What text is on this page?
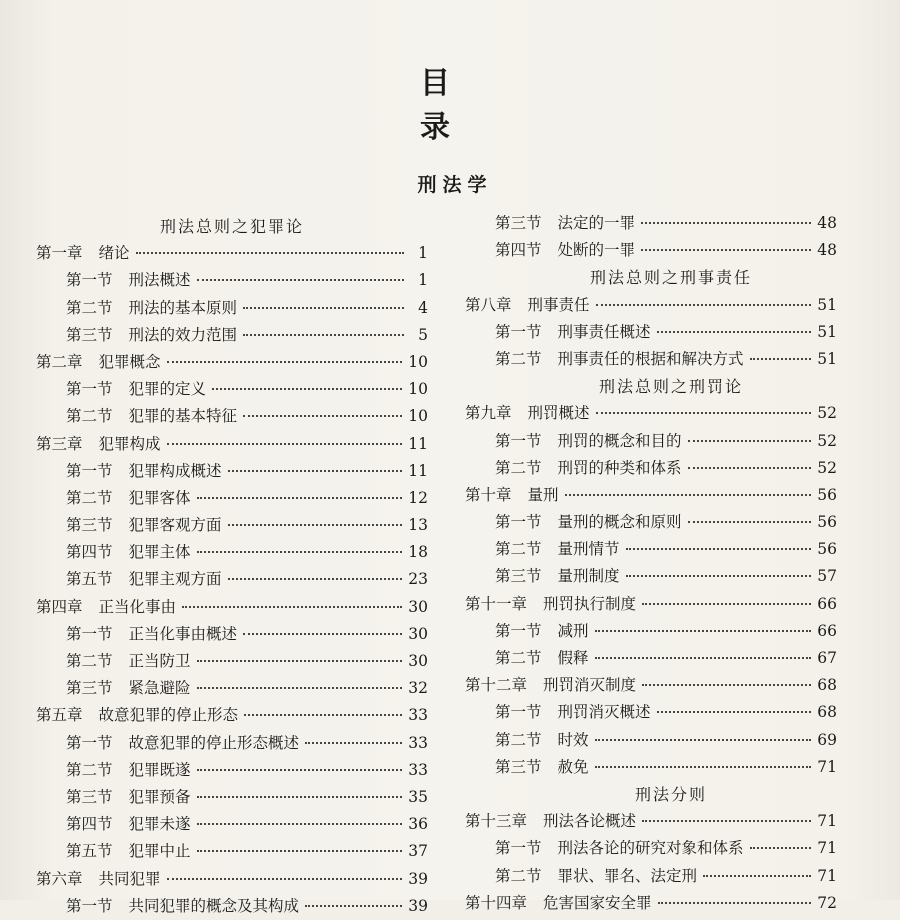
目 录
刑法学
刑法总则之犯罪论
第一章 绪论	1
第一节 刑法概述	1
第二节 刑法的基本原则	4
第三节 刑法的效力范围	5
第二章 犯罪概念	10
第一节 犯罪的定义	10
第二节 犯罪的基本特征	10
第三章 犯罪构成	11
第一节 犯罪构成概述	11
第二节 犯罪客体	12
第三节 犯罪客观方面	13
第四节 犯罪主体	18
第五节 犯罪主观方面	23
第四章 正当化事由	30
第一节 正当化事由概述	30
第二节 正当防卫	30
第三节 紧急避险	32
第五章 故意犯罪的停止形态	33
第一节 故意犯罪的停止形态概述	33
第二节 犯罪既遂	33
第三节 犯罪预备	35
第四节 犯罪未遂	36
第五节 犯罪中止	37
第六章 共同犯罪	39
第一节 共同犯罪的概念及其构成	39
第三节 法定的一罪	48
第四节 处断的一罪	48
刑法总则之刑事责任
第八章 刑事责任	51
第一节 刑事责任概述	51
第二节 刑事责任的根据和解决方式	51
刑法总则之刑罚论
第九章 刑罚概述	52
第一节 刑罚的概念和目的	52
第二节 刑罚的种类和体系	52
第十章 量刑	56
第一节 量刑的概念和原则	56
第二节 量刑情节	56
第三节 量刑制度	57
第十一章 刑罚执行制度	66
第一节 减刑	66
第二节 假释	67
第十二章 刑罚消灭制度	68
第一节 刑罚消灭概述	68
第二节 时效	69
第三节 赦免	71
刑法分则
第十三章 刑法各论概述	71
第一节 刑法各论的研究对象和体系	71
第二节 罪状、罪名、法定刑	71
第十四章 危害国家安全罪	72
